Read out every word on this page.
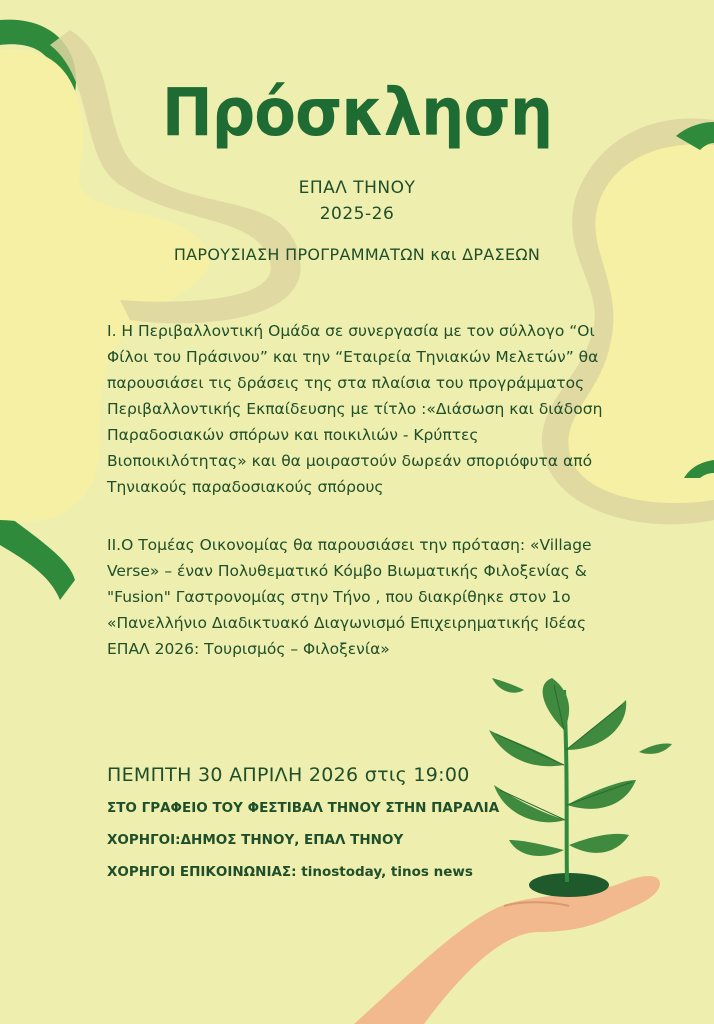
Πρόσκληση
ΕΠΑΛ ΤΗΝΟΥ
2025-26
ΠΑΡΟΥΣΙΑΣΗ ΠΡΟΓΡΑΜΜΑΤΩΝ και ΔΡΑΣΕΩΝ

Ι. Η Περιβαλλοντική Ομάδα σε συνεργασία με τον σύλλογο “Οι Φίλοι του Πράσινου” και την “Εταιρεία Τηνιακών Μελετών” θα παρουσιάσει τις δράσεις της στα πλαίσια του προγράμματος Περιβαλλοντικής Εκπαίδευσης με τίτλο :«Διάσωση και διάδοση Παραδοσιακών σπόρων και ποικιλιών - Κρύπτες Βιοποικιλότητας» και θα μοιραστούν δωρεάν σποριόφυτα από Τηνιακούς παραδοσιακούς σπόρους

ΙΙ.Ο Τομέας Οικονομίας θα παρουσιάσει την πρόταση: «Village Verse» – έναν Πολυθεματικό Κόμβο Βιωματικής Φιλοξενίας & "Fusion" Γαστρονομίας στην Τήνο , που διακρίθηκε στον 1ο «Πανελλήνιο Διαδικτυακό Διαγωνισμό Επιχειρηματικής Ιδέας ΕΠΑΛ 2026: Τουρισμός – Φιλοξενία»

ΠΕΜΠΤΗ 30 ΑΠΡΙΛΗ 2026 στις 19:00
ΣΤΟ ΓΡΑΦΕΙΟ ΤΟΥ ΦΕΣΤΙΒΑΛ ΤΗΝΟΥ ΣΤΗΝ ΠΑΡΑΛΙΑ
ΧΟΡΗΓΟΙ:ΔΗΜΟΣ ΤΗΝΟΥ, ΕΠΑΛ ΤΗΝΟΥ
ΧΟΡΗΓΟΙ ΕΠΙΚΟΙΝΩΝΙΑΣ: tinostoday, tinos news
